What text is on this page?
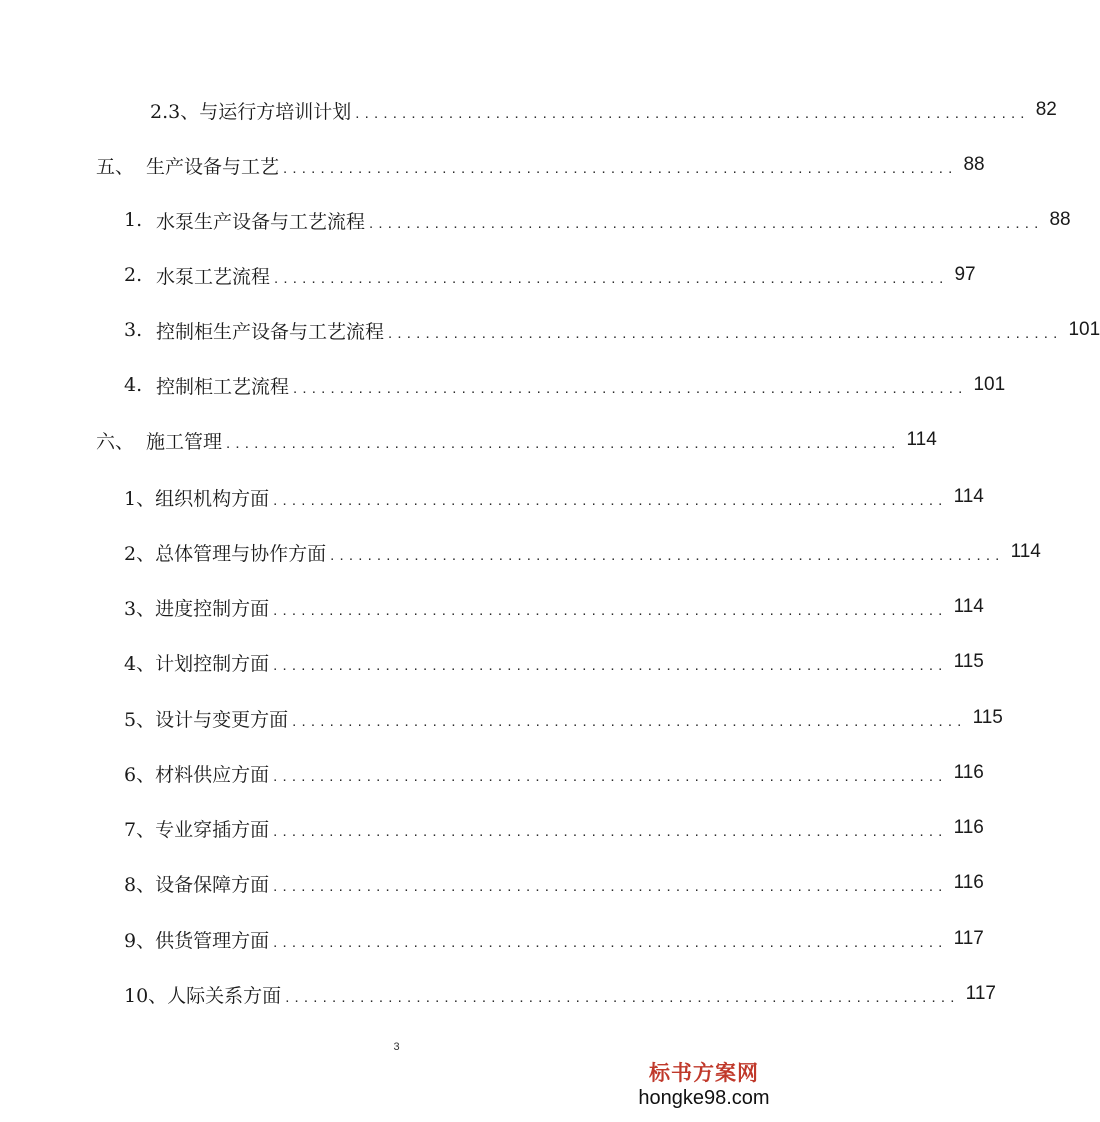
2.3、与运行方培训计划 ........................................................................ 82
五、 生产设备与工艺 ........................................................................ 88
1. 水泵生产设备与工艺流程 ........................................................................ 88
2. 水泵工艺流程 ........................................................................ 97
3. 控制柜生产设备与工艺流程 ........................................................................ 101
4. 控制柜工艺流程 ........................................................................ 101
六、 施工管理 ........................................................................ 114
1、组织机构方面 ........................................................................ 114
2、总体管理与协作方面 ........................................................................ 114
3、进度控制方面 ........................................................................ 114
4、计划控制方面 ........................................................................ 115
5、设计与变更方面 ........................................................................ 115
6、材料供应方面 ........................................................................ 116
7、专业穿插方面 ........................................................................ 116
8、设备保障方面 ........................................................................ 116
9、供货管理方面 ........................................................................ 117
10、人际关系方面 ........................................................................ 117
3
标书方案网
hongke98.com
